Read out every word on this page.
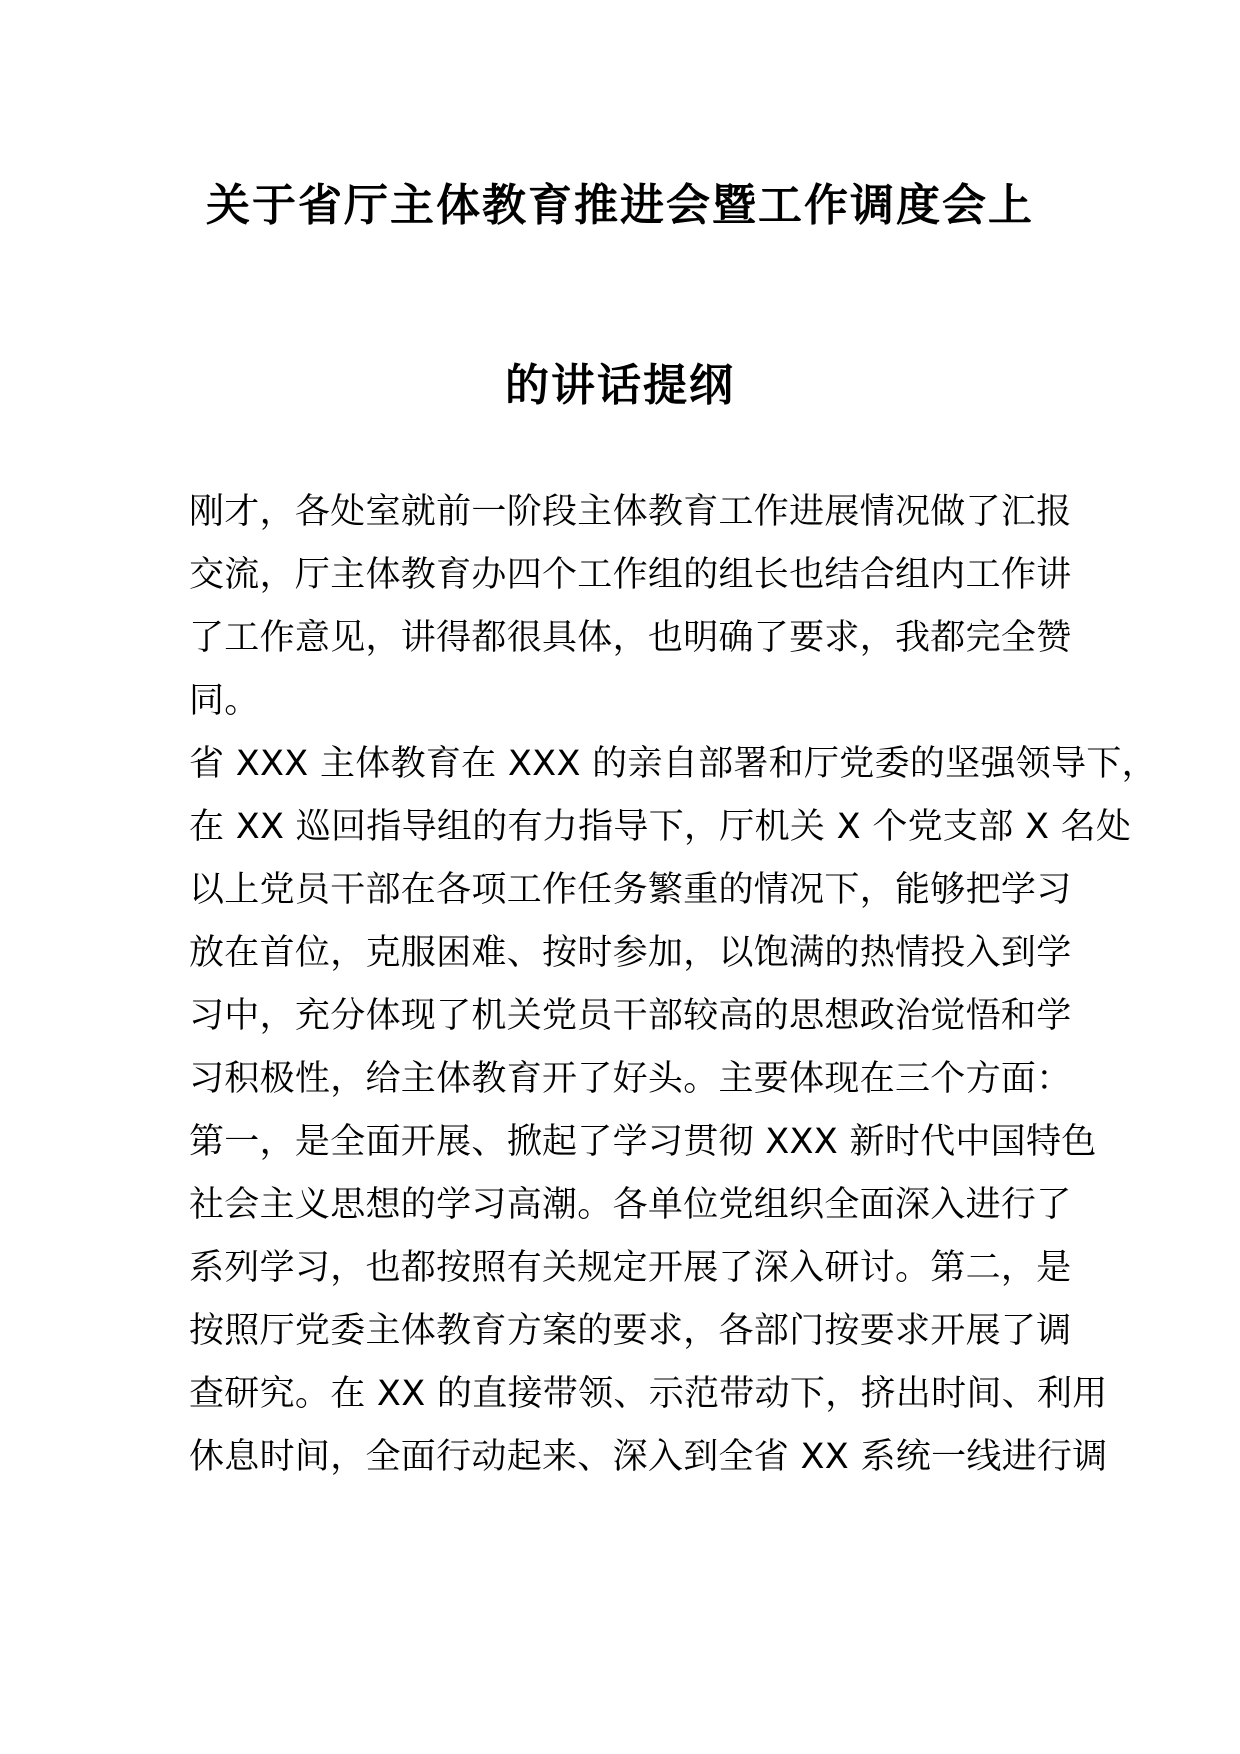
关于省厅主体教育推进会暨工作调度会上
的讲话提纲
刚才，各处室就前一阶段主体教育工作进展情况做了汇报
交流，厅主体教育办四个工作组的组长也结合组内工作讲
了工作意见，讲得都很具体，也明确了要求，我都完全赞
同。
省 XXX 主体教育在 XXX 的亲自部署和厅党委的坚强领导下，
在 XX 巡回指导组的有力指导下，厅机关 X 个党支部 X 名处
以上党员干部在各项工作任务繁重的情况下，能够把学习
放在首位，克服困难、按时参加，以饱满的热情投入到学
习中，充分体现了机关党员干部较高的思想政治觉悟和学
习积极性，给主体教育开了好头。主要体现在三个方面：
第一，是全面开展、掀起了学习贯彻 XXX 新时代中国特色
社会主义思想的学习高潮。各单位党组织全面深入进行了
系列学习，也都按照有关规定开展了深入研讨。第二，是
按照厅党委主体教育方案的要求，各部门按要求开展了调
查研究。在 XX 的直接带领、示范带动下，挤出时间、利用
休息时间，全面行动起来、深入到全省 XX 系统一线进行调
